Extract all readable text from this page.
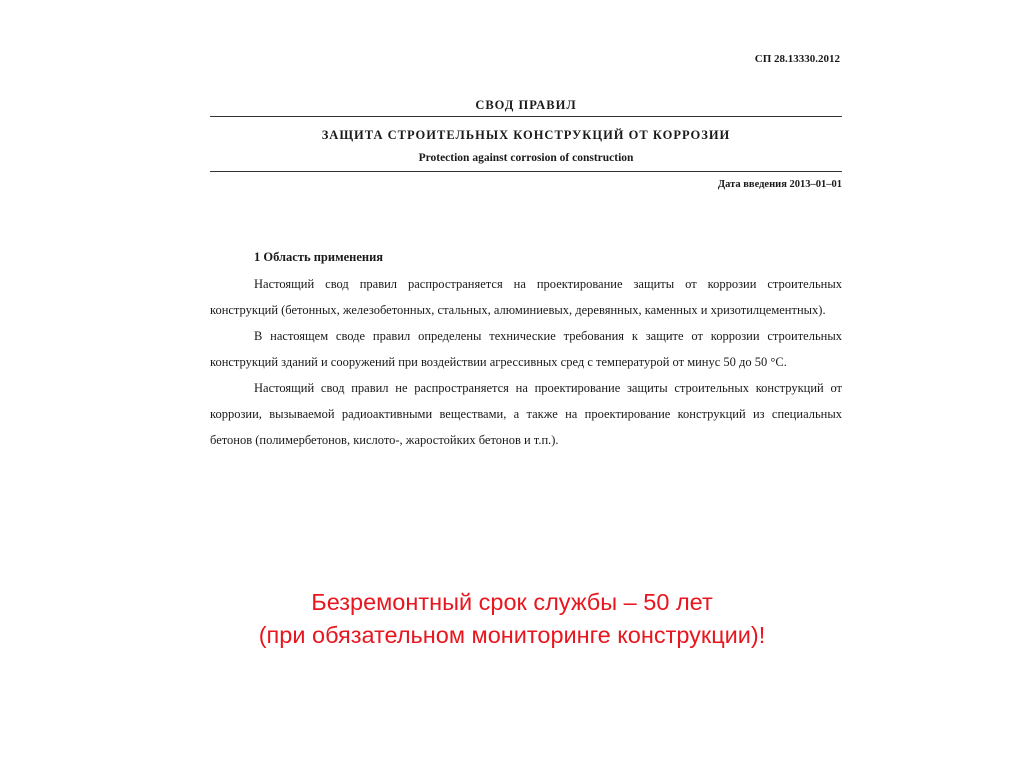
СП 28.13330.2012
СВОД ПРАВИЛ
ЗАЩИТА СТРОИТЕЛЬНЫХ КОНСТРУКЦИЙ ОТ КОРРОЗИИ
Protection against corrosion of construction
Дата введения 2013–01–01
1 Область применения
Настоящий свод правил распространяется на проектирование защиты от коррозии строительных конструкций (бетонных, железобетонных, стальных, алюминиевых, деревянных, каменных и хризотилцементных).
В настоящем своде правил определены технические требования к защите от коррозии строительных конструкций зданий и сооружений при воздействии агрессивных сред с температурой от минус 50 до 50 °С.
Настоящий свод правил не распространяется на проектирование защиты строительных конструкций от коррозии, вызываемой радиоактивными веществами, а также на проектирование конструкций из специальных бетонов (полимербетонов, кислото-, жаростойких бетонов и т.п.).
Безремонтный срок службы – 50 лет
(при обязательном мониторинге конструкции)!
